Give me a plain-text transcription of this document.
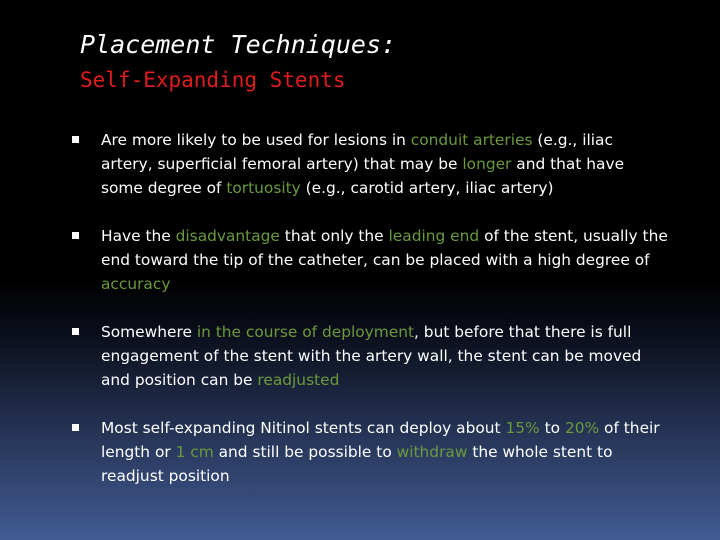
Placement Techniques:
Self-Expanding Stents
Are more likely to be used for lesions in conduit arteries (e.g., iliac artery, superficial femoral artery) that may be longer and that have some degree of tortuosity (e.g., carotid artery, iliac artery)
Have the disadvantage that only the leading end of the stent, usually the end toward the tip of the catheter, can be placed with a high degree of accuracy
Somewhere in the course of deployment, but before that there is full engagement of the stent with the artery wall, the stent can be moved and position can be readjusted
Most self-expanding Nitinol stents can deploy about 15% to 20% of their length or 1 cm and still be possible to withdraw the whole stent to readjust position
